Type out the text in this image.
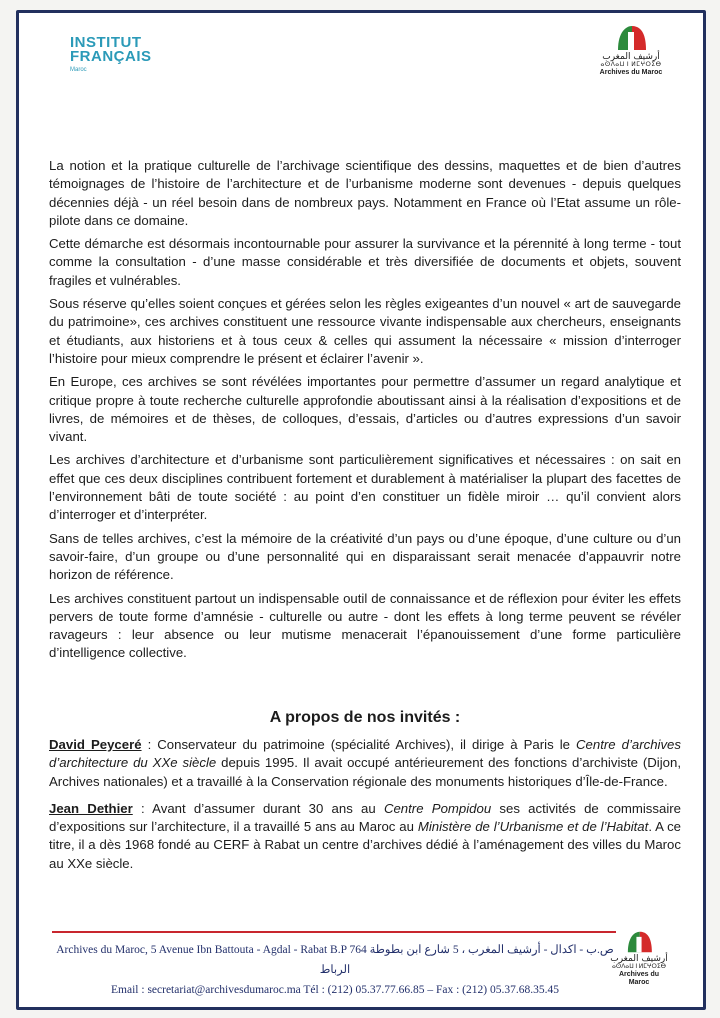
INSTITUT
FRANÇAIS
Maroc
أرشيف المغرب
ⴰⵙⴷⴰⵡ ⵏ ⵍⵎⵖⵔⵉⴱ
Archives du Maroc

La notion et la pratique culturelle de l’archivage scientifique des dessins, maquettes et de bien d’autres témoignages de l’histoire de l’architecture et de l’urbanisme moderne sont devenues - depuis quelques décennies déjà - un réel besoin dans de nombreux pays. Notamment en France où l’Etat assume un rôle-pilote dans ce domaine.

Cette démarche est désormais incontournable pour assurer la survivance et la pérennité à long terme - tout comme la consultation - d’une masse considérable et très diversifiée de documents et objets, souvent fragiles et vulnérables.

Sous réserve qu’elles soient conçues et gérées selon les règles exigeantes d’un nouvel « art de sauvegarde du patrimoine», ces archives constituent une ressource vivante indispensable aux chercheurs, enseignants et étudiants, aux historiens et à tous ceux & celles qui assument la nécessaire « mission d’interroger l’histoire pour mieux comprendre le présent et éclairer l’avenir ».

En Europe, ces archives se sont révélées importantes pour permettre d’assumer un regard analytique et critique propre à toute recherche culturelle approfondie aboutissant ainsi à la réalisation d’expositions et de livres, de mémoires et de thèses, de colloques, d’essais, d’articles ou d’autres expressions d’un savoir vivant.

Les archives d’architecture et d’urbanisme sont particulièrement significatives et nécessaires : on sait en effet que ces deux disciplines contribuent fortement et durablement à matérialiser la plupart des facettes de l’environnement bâti de toute société : au point d’en constituer un fidèle miroir … qu’il convient alors d’interroger et d’interpréter.

Sans de telles archives, c’est la mémoire de la créativité d’un pays ou d’une époque, d’une culture ou d’un savoir-faire, d’un groupe ou d’une personnalité qui en disparaissant serait menacée d’appauvrir notre horizon de référence.

Les archives constituent partout un indispensable outil de connaissance et de réflexion pour éviter les effets pervers de toute forme d’amnésie - culturelle ou autre - dont les effets à long terme peuvent se révéler ravageurs : leur absence ou leur mutisme menacerait l’épanouissement d’une forme particulière d’intelligence collective.

A propos de nos invités :

David Peyceré : Conservateur du patrimoine (spécialité Archives), il dirige à Paris le Centre d’archives d’architecture du XXe siècle depuis 1995. Il avait occupé antérieurement des fonctions d’archiviste (Dijon, Archives nationales) et a travaillé à la Conservation régionale des monuments historiques d’Île-de-France.

Jean Dethier : Avant d’assumer durant 30 ans au Centre Pompidou ses activités de commissaire d’expositions sur l’architecture, il a travaillé 5 ans au Maroc au Ministère de l’Urbanisme et de l’Habitat. A ce titre, il a dès 1968 fondé au CERF à Rabat un centre d’archives dédié à l’aménagement des villes du Maroc au XXe siècle.

Archives du Maroc, 5 Avenue Ibn Battouta - Agdal - Rabat B.P 764 ص.ب - اكدال - أرشيف المغرب ، 5 شارع ابن بطوطة الرباط
Email : secretariat@archivesdumaroc.ma Tél : (212) 05.37.77.66.85 – Fax : (212) 05.37.68.35.45
أرشيف المغرب
ⴰⵙⴷⴰⵡ ⵏ ⵍⵎⵖⵔⵉⴱ
Archives du Maroc
